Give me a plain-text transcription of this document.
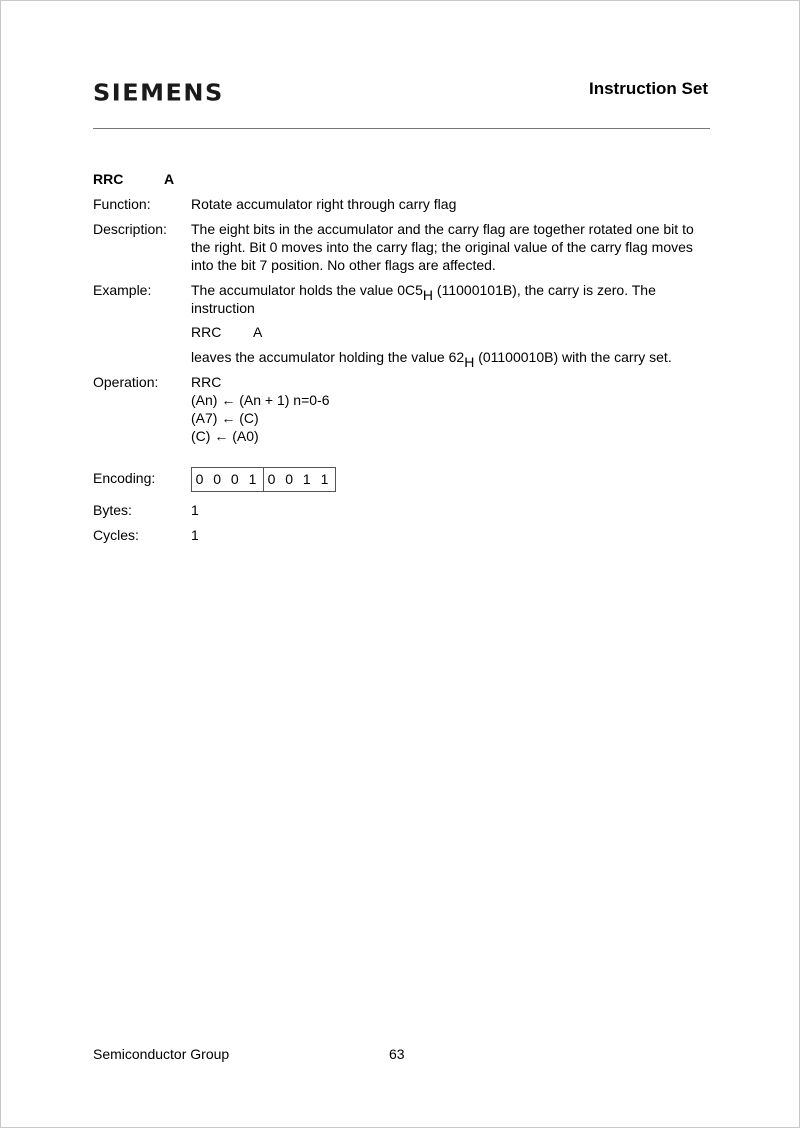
SIEMENS	Instruction Set
RRC	A
Function:	Rotate accumulator right through carry flag
Description: The eight bits in the accumulator and the carry flag are together rotated one bit to
the right. Bit 0 moves into the carry flag; the original value of the carry flag moves
into the bit 7 position. No other flags are affected.
Example:	The accumulator holds the value $0C5_H$ (11000101B), the carry is zero. The
instruction
RRC A
leaves the accumulator holding the value $62_H$ (01100010B) with the carry set.
Operation: RRC
(An) ← (An + 1) n=0-6
(A7) ← (C)
(C) ← (A0)
Encoding:	0 0 0 1 0 0 1 1
Bytes:	1
Cycles:	1
Semiconductor Group	63
